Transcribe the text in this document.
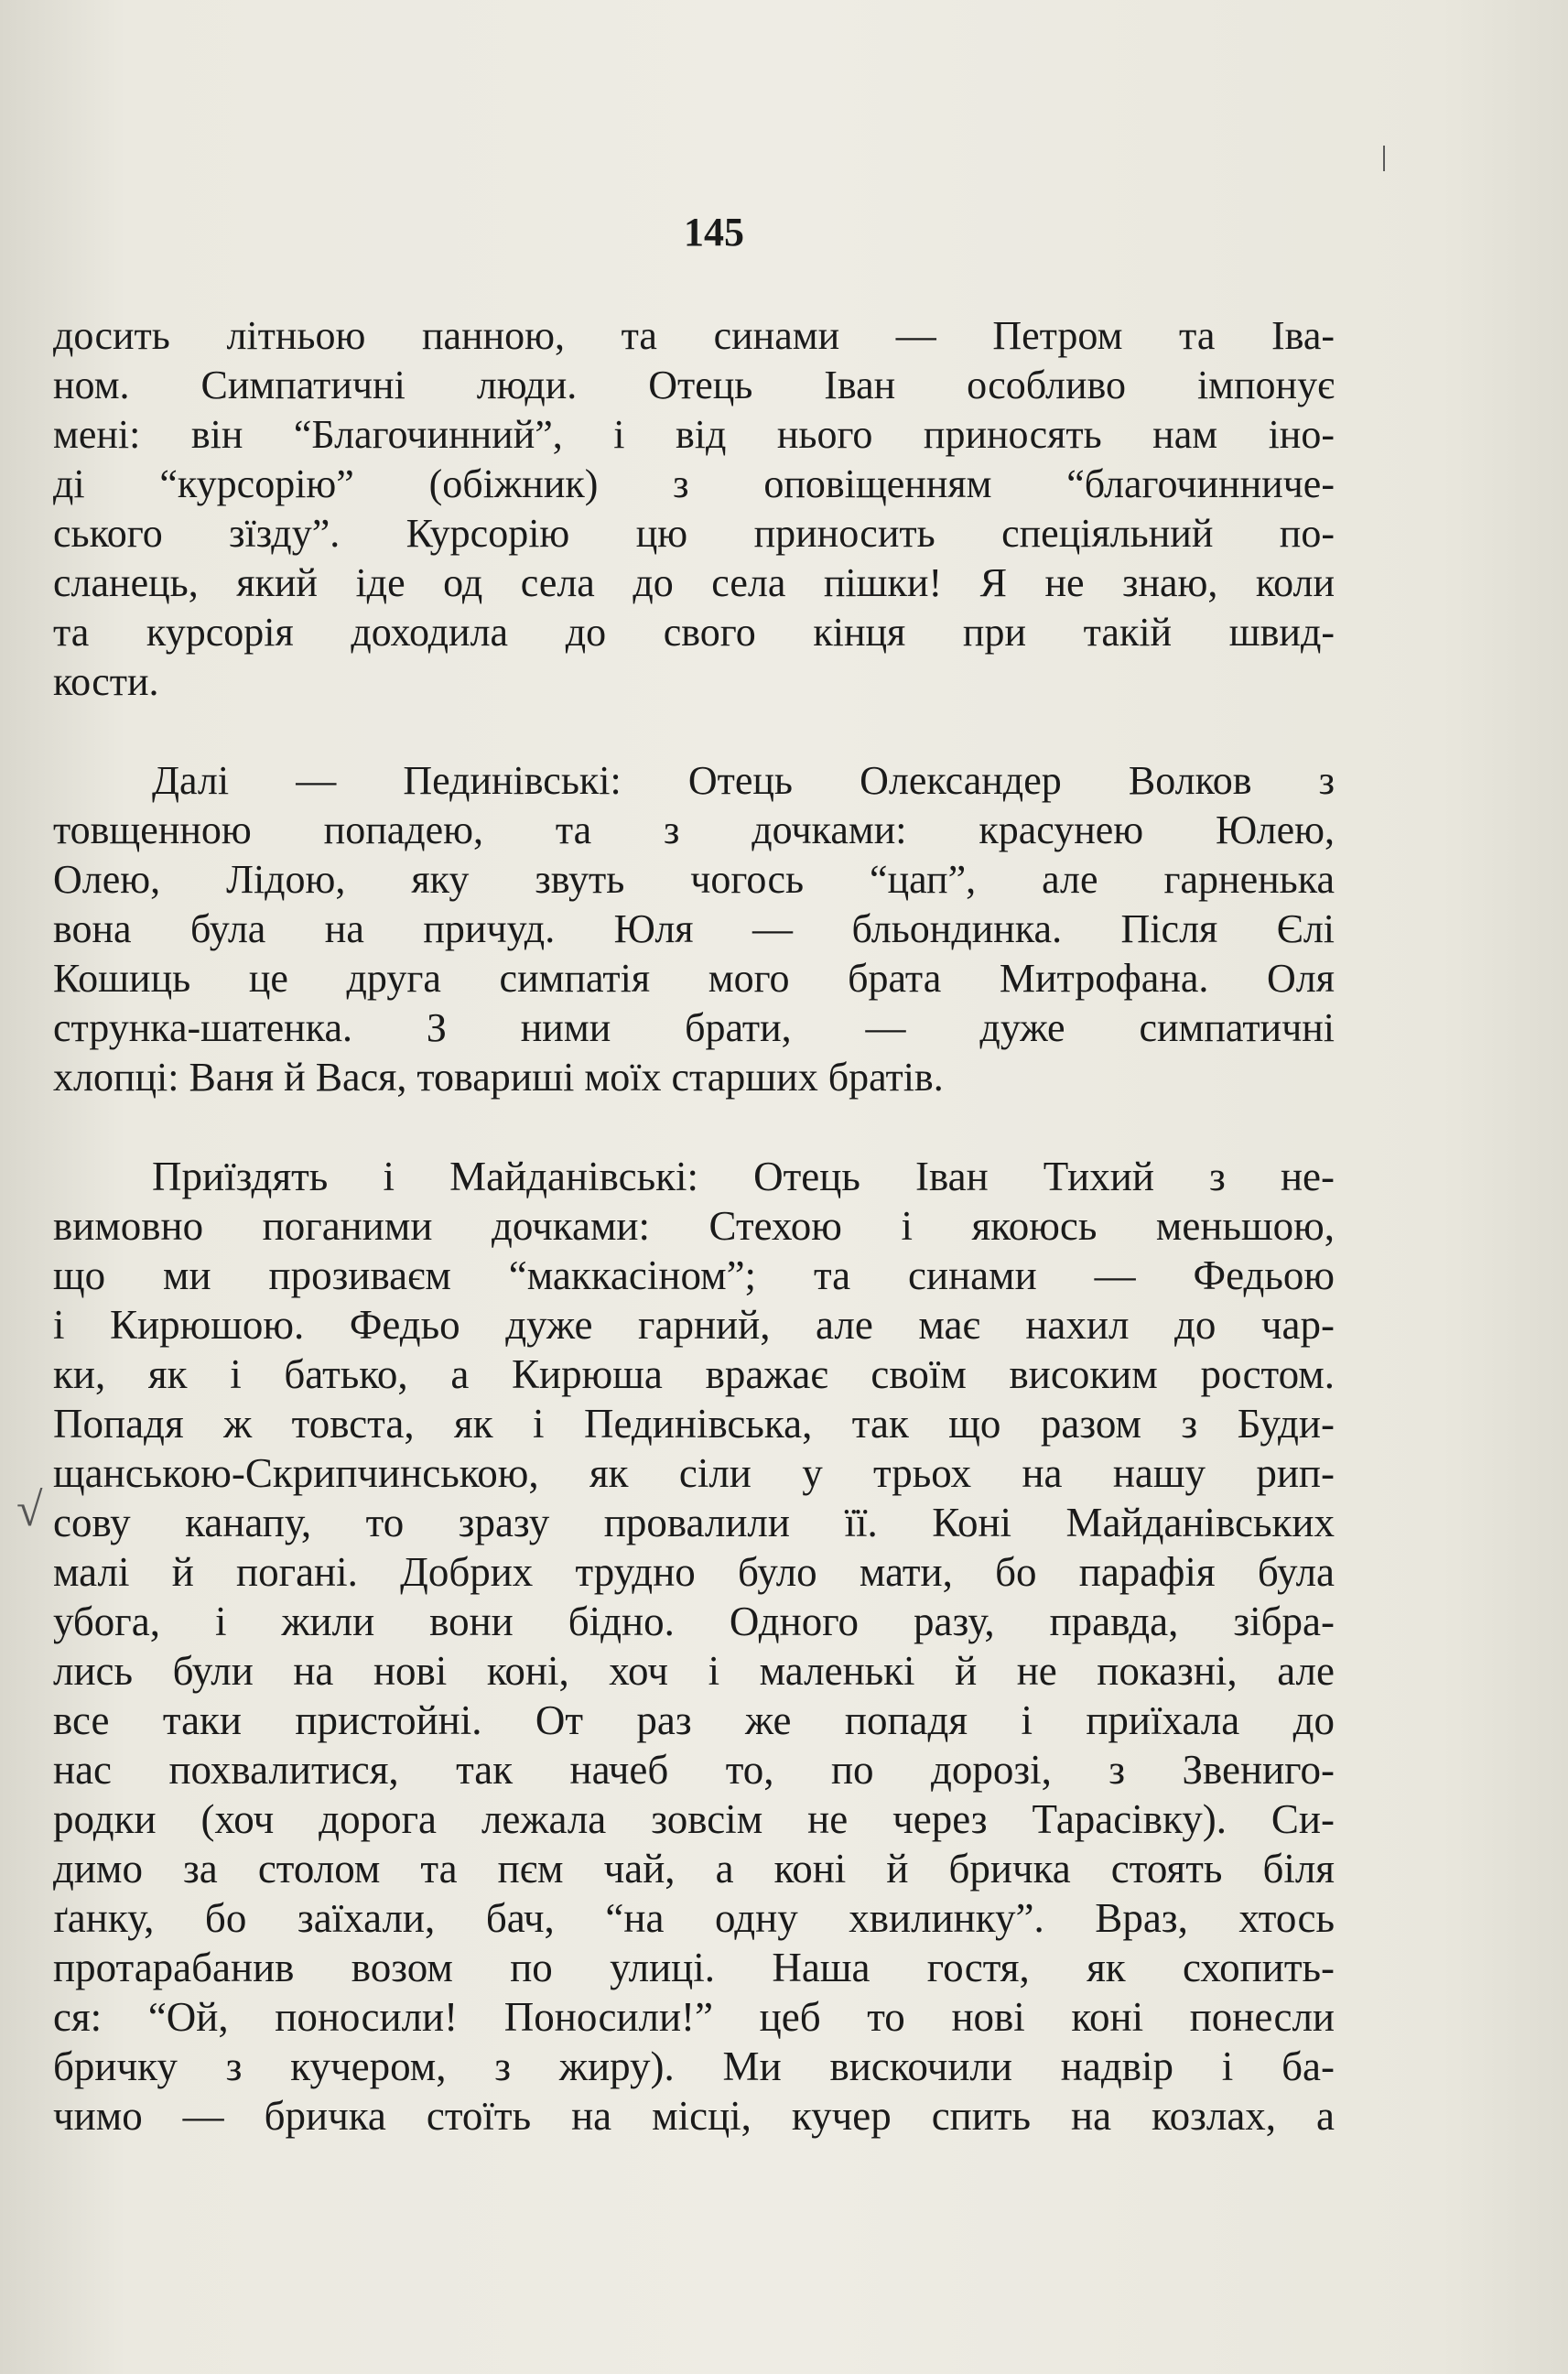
145
досить літньою панною, та синами — Петром та Іва-
ном. Симпатичні люди. Отець Іван особливо імпонує
мені: він “Благочинний”, і від нього приносять нам іно-
ді “курсорію” (обіжник) з оповіщенням “благочинниче-
ського зїзду”. Курсорію цю приносить спеціяльний по-
сланець, який іде од села до села пішки! Я не знаю, коли
та курсорія доходила до свого кінця при такій швид-
кости.
Далі — Пединівські: Отець Олександер Волков з
товщенною попадею, та з дочками: красунею Юлею,
Олею, Лідою, яку звуть чогось “цап”, але гарненька
вона була на причуд. Юля — бльондинка. Після Єлі
Кошиць це друга симпатія мого брата Митрофана. Оля
струнка-шатенка. З ними брати, — дуже симпатичні
хлопці: Ваня й Вася, товариші моїх старших братів.
Приїздять і Майданівські: Отець Іван Тихий з не-
вимовно поганими дочками: Стехою і якоюсь меньшою,
що ми прозиваєм “маккасіном”; та синами — Федьою
і Кирюшою. Федьо дуже гарний, але має нахил до чар-
ки, як і батько, а Кирюша вражає своїм високим ростом.
Попадя ж товста, як і Пединівська, так що разом з Буди-
щанською-Скрипчинською, як сіли у трьох на нашу рип-
сову канапу, то зразу провалили її. Коні Майданівських
малі й погані. Добрих трудно було мати, бо парафія була
убога, і жили вони бідно. Одного разу, правда, зібра-
лись були на нові коні, хоч і маленькі й не показні, але
все таки пристойні. От раз же попадя і приїхала до
нас похвалитися, так начеб то, по дорозі, з Звениго-
родки (хоч дорога лежала зовсім не через Тарасівку). Си-
димо за столом та пєм чай, а коні й бричка стоять біля
ґанку, бо заїхали, бач, “на одну хвилинку”. Враз, хтось
протарабанив возом по улиці. Наша гостя, як схопить-
ся: “Ой, поносили! Поносили!” цеб то нові коні понесли
бричку з кучером, з жиру). Ми вискочили надвір і ба-
чимо — бричка стоїть на місці, кучер спить на козлах, а
ǀ
√
